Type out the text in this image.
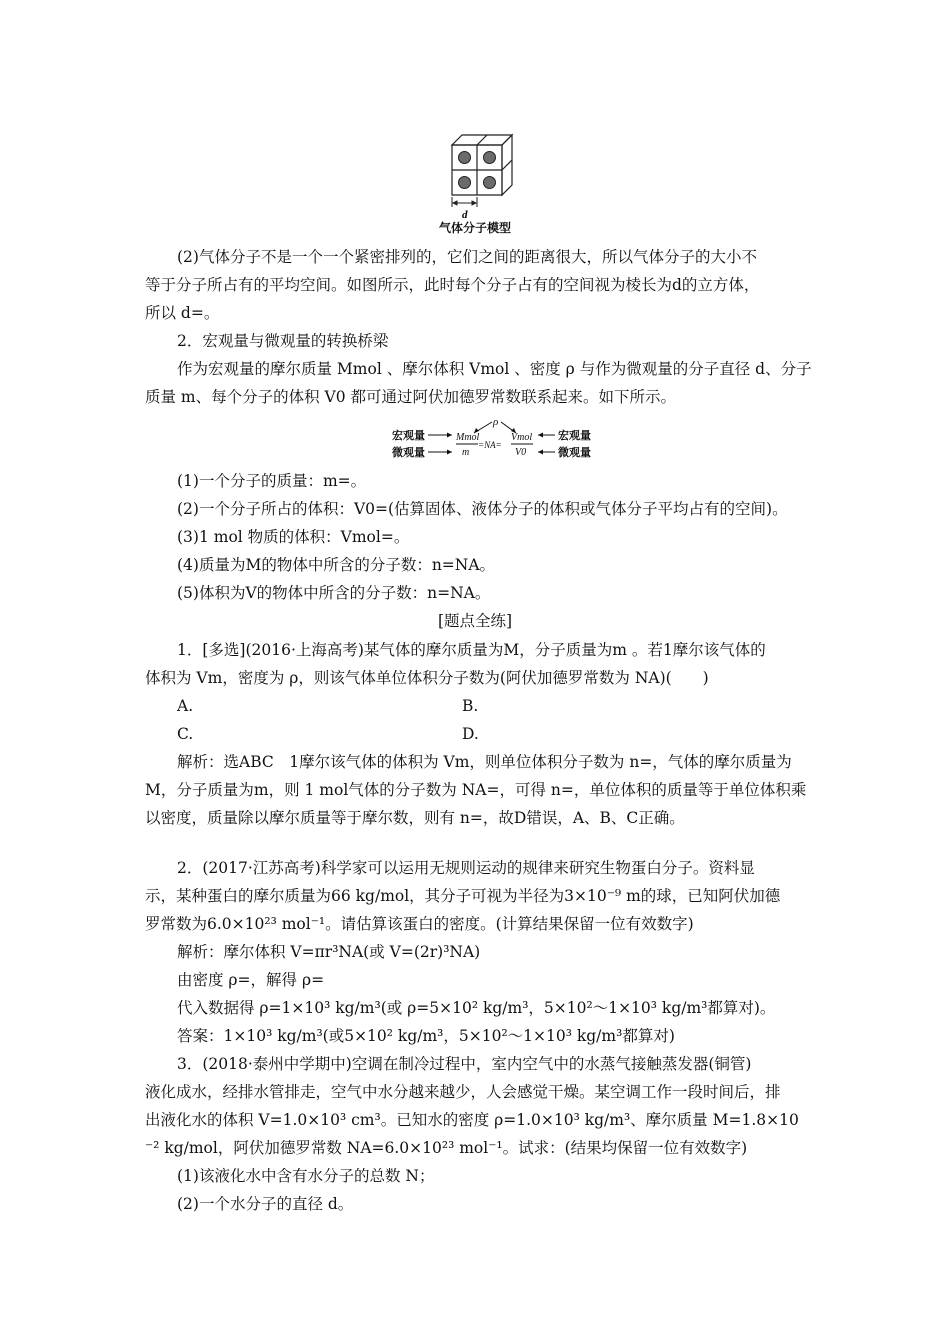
d
气体分子模型
(2)气体分子不是一个一个紧密排列的，它们之间的距离很大，所以气体分子的大小不
等于分子所占有的平均空间。如图所示，此时每个分子占有的空间视为棱长为d的立方体，
所以 d=。
2．宏观量与微观量的转换桥梁
作为宏观量的摩尔质量 Mmol 、摩尔体积 Vmol 、密度 ρ 与作为微观量的分子直径 d、分子
质量 m、每个分子的体积 V0 都可通过阿伏加德罗常数联系起来。如下所示。
宏观量
微观量
宏观量
微观量
ρ
Mmol
m
=NA=
Vmol
V0
(1)一个分子的质量：m=。
(2)一个分子所占的体积：V0=(估算固体、液体分子的体积或气体分子平均占有的空间)。
(3)1 mol 物质的体积：Vmol=。
(4)质量为M的物体中所含的分子数：n=NA。
(5)体积为V的物体中所含的分子数：n=NA。
[题点全练]
1．[多选](2016·上海高考)某气体的摩尔质量为M，分子质量为m 。若1摩尔该气体的
体积为 Vm，密度为 ρ，则该气体单位体积分子数为(阿伏加德罗常数为 NA)(　　)
A.	B.
C.	D.
解析：选ABC　1摩尔该气体的体积为 Vm，则单位体积分子数为 n=，气体的摩尔质量为
M，分子质量为m，则 1 mol气体的分子数为 NA=，可得 n=，单位体积的质量等于单位体积乘
以密度，质量除以摩尔质量等于摩尔数，则有 n=，故D错误，A、B、C正确。
2．(2017·江苏高考)科学家可以运用无规则运动的规律来研究生物蛋白分子。资料显
示，某种蛋白的摩尔质量为66 kg/mol，其分子可视为半径为3×10⁻⁹ m的球，已知阿伏加德
罗常数为6.0×10²³ mol⁻¹。请估算该蛋白的密度。(计算结果保留一位有效数字)
解析：摩尔体积 V=πr³NA(或 V=(2r)³NA)
由密度 ρ=，解得 ρ=
代入数据得 ρ=1×10³ kg/m³(或 ρ=5×10² kg/m³，5×10²～1×10³ kg/m³都算对)。
答案：1×10³ kg/m³(或5×10² kg/m³，5×10²～1×10³ kg/m³都算对)
3．(2018·泰州中学期中)空调在制冷过程中，室内空气中的水蒸气接触蒸发器(铜管)
液化成水，经排水管排走，空气中水分越来越少，人会感觉干燥。某空调工作一段时间后，排
出液化水的体积 V=1.0×10³ cm³。已知水的密度 ρ=1.0×10³ kg/m³、摩尔质量 M=1.8×10
⁻² kg/mol，阿伏加德罗常数 NA=6.0×10²³ mol⁻¹。试求：(结果均保留一位有效数字)
(1)该液化水中含有水分子的总数 N；
(2)一个水分子的直径 d。
